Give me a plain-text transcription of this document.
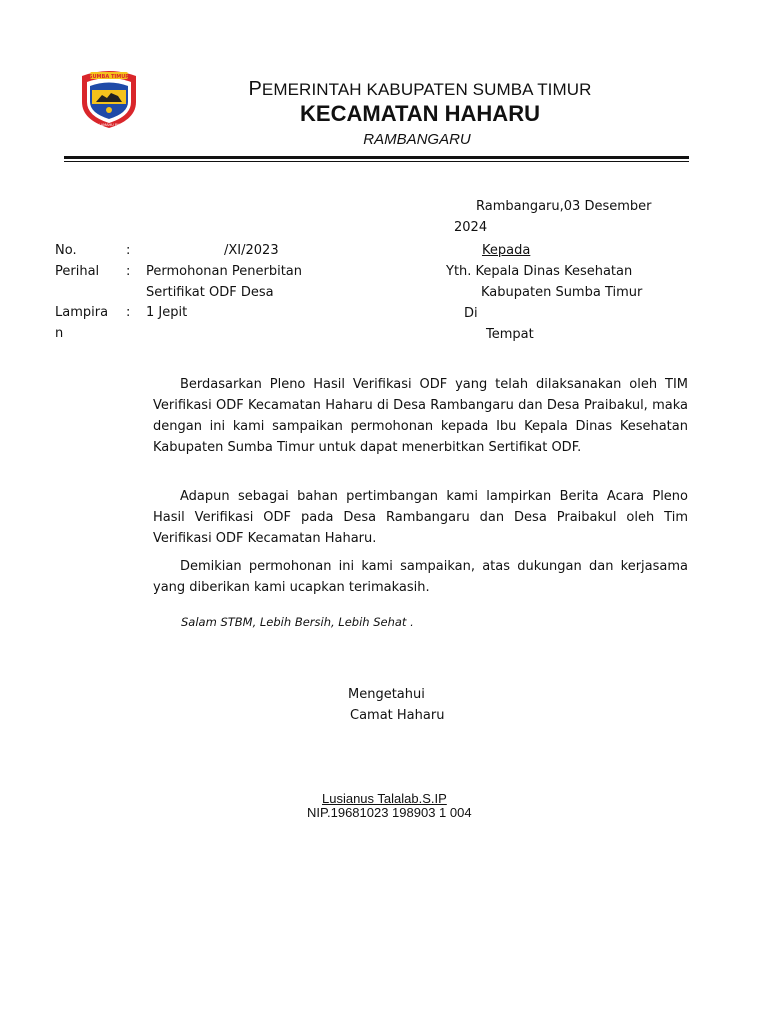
SUMBA TIMUR
MATAWAI AMAHU PADA PAKU
PEMERINTAH KABUPATEN SUMBA TIMUR
KECAMATAN HAHARU
RAMBANGARU
Rambangaru,03 Desember
2024
No.	:	/XI/2023
Perihal : Permohonan Penerbitan
Sertifikat ODF Desa
Lampira
n
: 1 Jepit
Kepada
Yth. Kepala Dinas Kesehatan
Kabupaten Sumba Timur
Di
Tempat
Berdasarkan Pleno Hasil Verifikasi ODF yang telah dilaksanakan oleh TIM Verifikasi ODF Kecamatan Haharu di Desa Rambangaru dan Desa Praibakul, maka dengan ini kami sampaikan permohonan kepada Ibu Kepala Dinas Kesehatan Kabupaten Sumba Timur untuk dapat menerbitkan Sertifikat ODF.
Adapun sebagai bahan pertimbangan kami lampirkan Berita Acara Pleno Hasil Verifikasi ODF pada Desa Rambangaru dan Desa Praibakul oleh Tim Verifikasi ODF Kecamatan Haharu.
Demikian permohonan ini kami sampaikan, atas dukungan dan kerjasama yang diberikan kami ucapkan terimakasih.
Salam STBM, Lebih Bersih, Lebih Sehat .
Mengetahui
Camat Haharu
Lusianus Talalab.S.IP
NIP.19681023 198903 1 004
